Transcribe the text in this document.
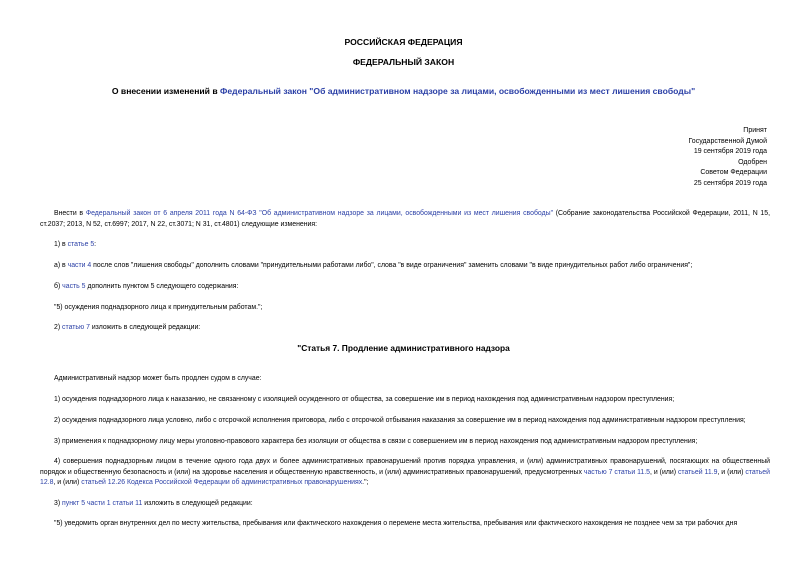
РОССИЙСКАЯ ФЕДЕРАЦИЯ
ФЕДЕРАЛЬНЫЙ ЗАКОН
О внесении изменений в Федеральный закон "Об административном надзоре за лицами, освобожденными из мест лишения свободы"
Принят
Государственной Думой
19 сентября 2019 года
Одобрен
Советом Федерации
25 сентября 2019 года
Внести в Федеральный закон от 6 апреля 2011 года N 64-ФЗ "Об административном надзоре за лицами, освобожденными из мест лишения свободы" (Собрание законодательства Российской Федерации, 2011, N 15, ст.2037; 2013, N 52, ст.6997; 2017, N 22, ст.3071; N 31, ст.4801) следующие изменения:
1) в статье 5:
а) в части 4 после слов "лишения свободы" дополнить словами "принудительными работами либо", слова "в виде ограничения" заменить словами "в виде принудительных работ либо ограничения";
б) часть 5 дополнить пунктом 5 следующего содержания:
"5) осуждения поднадзорного лица к принудительным работам.";
2) статью 7 изложить в следующей редакции:
"Статья 7. Продление административного надзора
Административный надзор может быть продлен судом в случае:
1) осуждения поднадзорного лица к наказанию, не связанному с изоляцией осужденного от общества, за совершение им в период нахождения под административным надзором преступления;
2) осуждения поднадзорного лица условно, либо с отсрочкой исполнения приговора, либо с отсрочкой отбывания наказания за совершение им в период нахождения под административным надзором преступления;
3) применения к поднадзорному лицу меры уголовно-правового характера без изоляции от общества в связи с совершением им в период нахождения под административным надзором преступления;
4) совершения поднадзорным лицом в течение одного года двух и более административных правонарушений против порядка управления, и (или) административных правонарушений, посягающих на общественный порядок и общественную безопасность и (или) на здоровье населения и общественную нравственность, и (или) административных правонарушений, предусмотренных частью 7 статьи 11.5, и (или) статьей 11.9, и (или) статьей 12.8, и (или) статьей 12.26 Кодекса Российской Федерации об административных правонарушениях.";
3) пункт 5 части 1 статьи 11 изложить в следующей редакции:
"5) уведомить орган внутренних дел по месту жительства, пребывания или фактического нахождения о перемене места жительства, пребывания или фактического нахождения не позднее чем за три рабочих дня
